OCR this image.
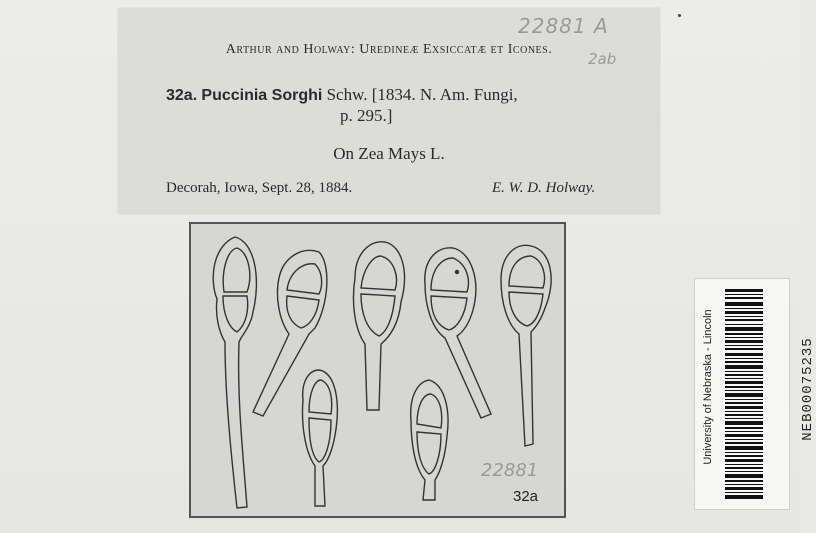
22881 A
2ab
Arthur and Holway: Uredineæ Exsiccatæ et Icones.
32a. Puccinia Sorghi Schw. [1834. N. Am. Fungi,
p. 295.]
On Zea Mays L.
Decorah, Iowa, Sept. 28, 1884.	E. W. D. Holway.
22881
32a
University of Nebraska - Lincoln	NEB00075235
